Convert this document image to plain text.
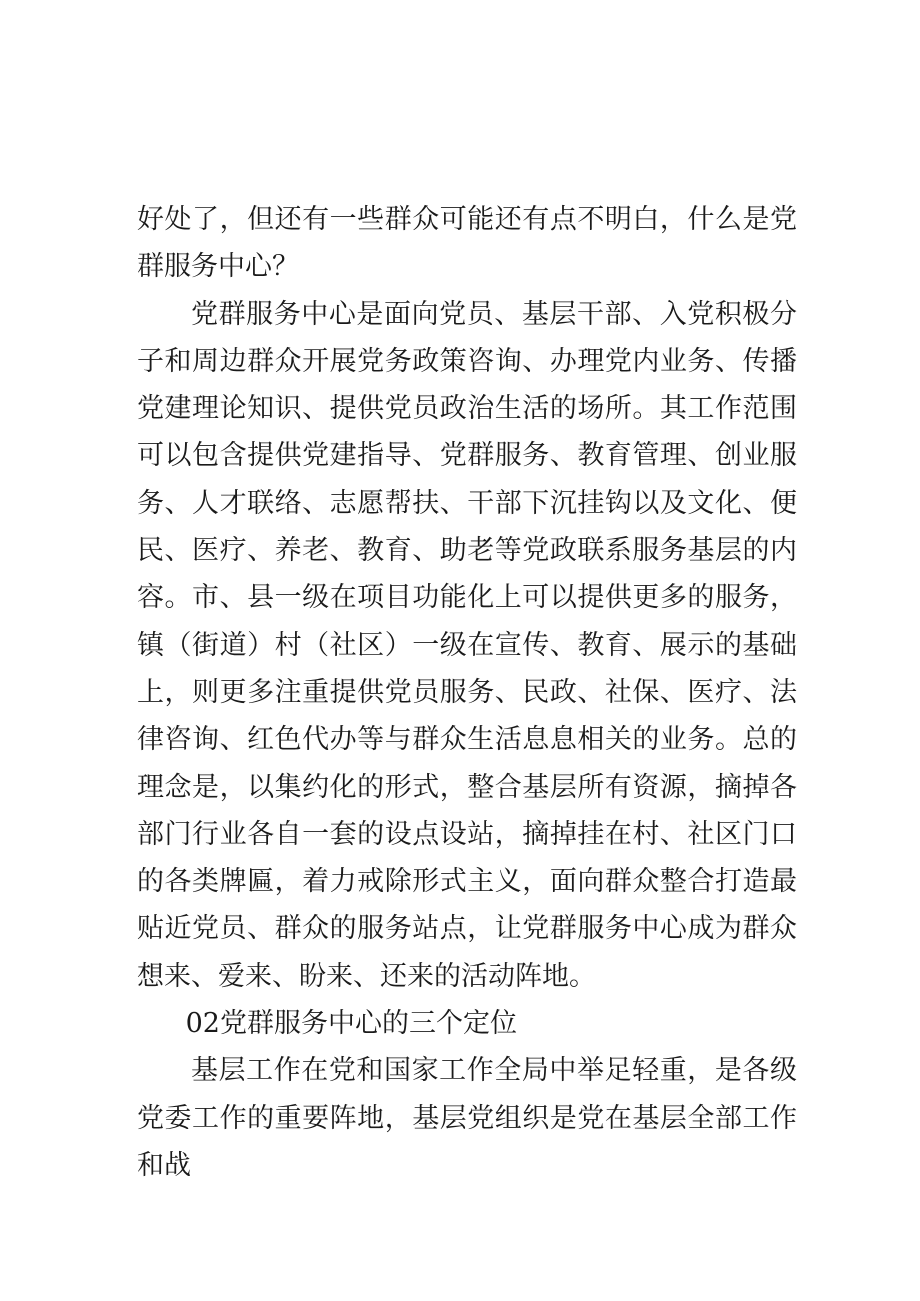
好处了，但还有一些群众可能还有点不明白，什么是党群服务中心？

党群服务中心是面向党员、基层干部、入党积极分子和周边群众开展党务政策咨询、办理党内业务、传播党建理论知识、提供党员政治生活的场所。其工作范围可以包含提供党建指导、党群服务、教育管理、创业服务、人才联络、志愿帮扶、干部下沉挂钩以及文化、便民、医疗、养老、教育、助老等党政联系服务基层的内容。市、县一级在项目功能化上可以提供更多的服务，镇（街道）村（社区）一级在宣传、教育、展示的基础上，则更多注重提供党员服务、民政、社保、医疗、法律咨询、红色代办等与群众生活息息相关的业务。总的理念是，以集约化的形式，整合基层所有资源，摘掉各部门行业各自一套的设点设站，摘掉挂在村、社区门口的各类牌匾，着力戒除形式主义，面向群众整合打造最贴近党员、群众的服务站点，让党群服务中心成为群众想来、爱来、盼来、还来的活动阵地。

02党群服务中心的三个定位

基层工作在党和国家工作全局中举足轻重，是各级党委工作的重要阵地，基层党组织是党在基层全部工作和战
